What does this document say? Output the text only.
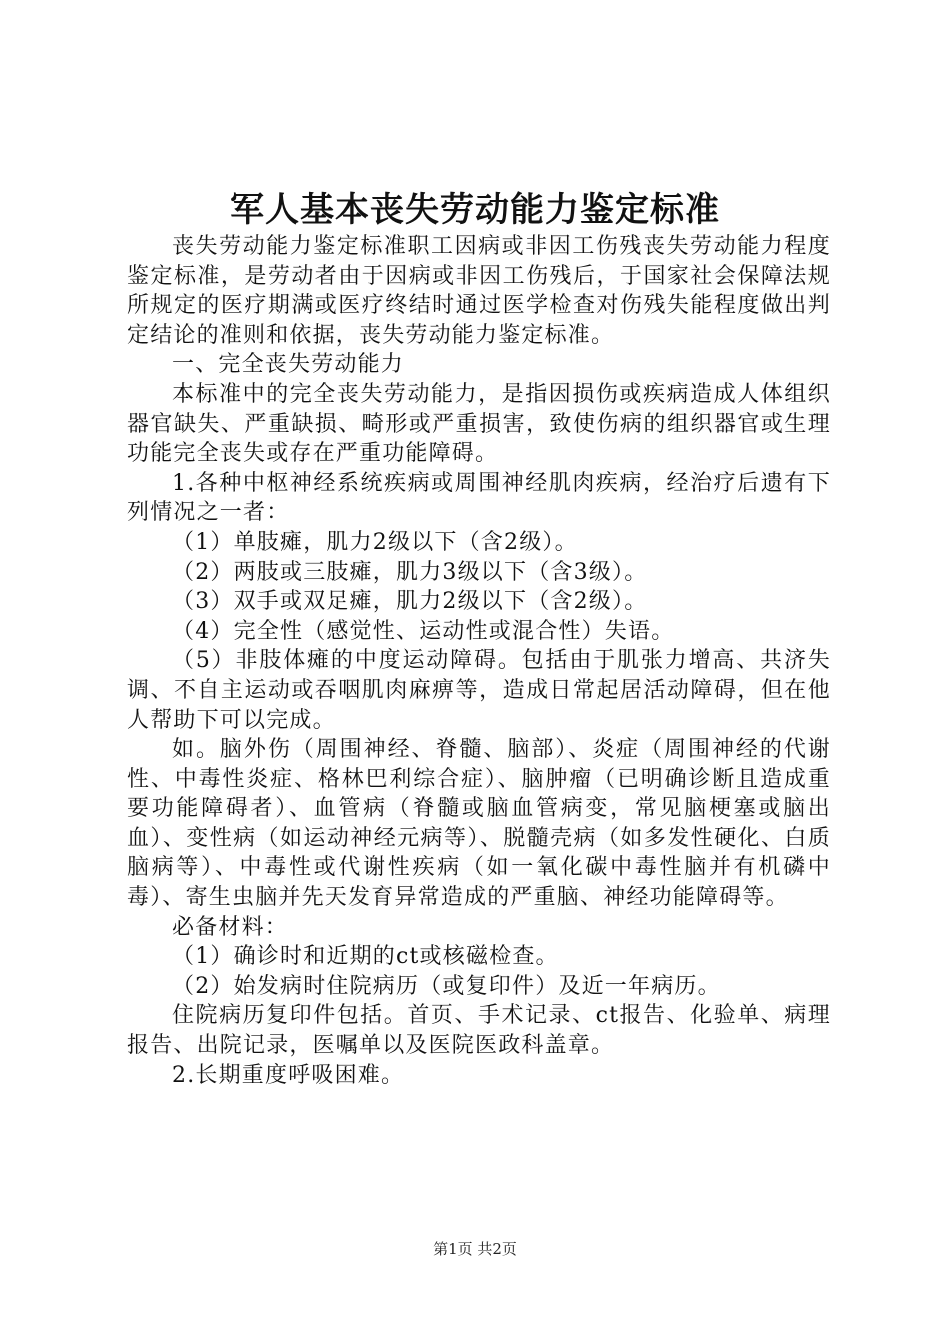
军人基本丧失劳动能力鉴定标准

丧失劳动能力鉴定标准职工因病或非因工伤残丧失劳动能力程度鉴定标准，是劳动者由于因病或非因工伤残后，于国家社会保障法规所规定的医疗期满或医疗终结时通过医学检查对伤残失能程度做出判定结论的准则和依据，丧失劳动能力鉴定标准。

一、完全丧失劳动能力

本标准中的完全丧失劳动能力，是指因损伤或疾病造成人体组织器官缺失、严重缺损、畸形或严重损害，致使伤病的组织器官或生理功能完全丧失或存在严重功能障碍。

1.各种中枢神经系统疾病或周围神经肌肉疾病，经治疗后遗有下列情况之一者：

（1）单肢瘫，肌力2级以下（含2级）。

（2）两肢或三肢瘫，肌力3级以下（含3级）。

（3）双手或双足瘫，肌力2级以下（含2级）。

（4）完全性（感觉性、运动性或混合性）失语。

（5）非肢体瘫的中度运动障碍。包括由于肌张力增高、共济失调、不自主运动或吞咽肌肉麻痹等，造成日常起居活动障碍，但在他人帮助下可以完成。

如。脑外伤（周围神经、脊髓、脑部）、炎症（周围神经的代谢性、中毒性炎症、格林巴利综合症）、脑肿瘤（已明确诊断且造成重要功能障碍者）、血管病（脊髓或脑血管病变，常见脑梗塞或脑出血）、变性病（如运动神经元病等）、脱髓壳病（如多发性硬化、白质脑病等）、中毒性或代谢性疾病（如一氧化碳中毒性脑并有机磷中毒）、寄生虫脑并先天发育异常造成的严重脑、神经功能障碍等。

必备材料：

（1）确诊时和近期的ct或核磁检查。

（2）始发病时住院病历（或复印件）及近一年病历。

住院病历复印件包括。首页、手术记录、ct报告、化验单、病理报告、出院记录，医嘱单以及医院医政科盖章。

2.长期重度呼吸困难。

第1页 共2页
